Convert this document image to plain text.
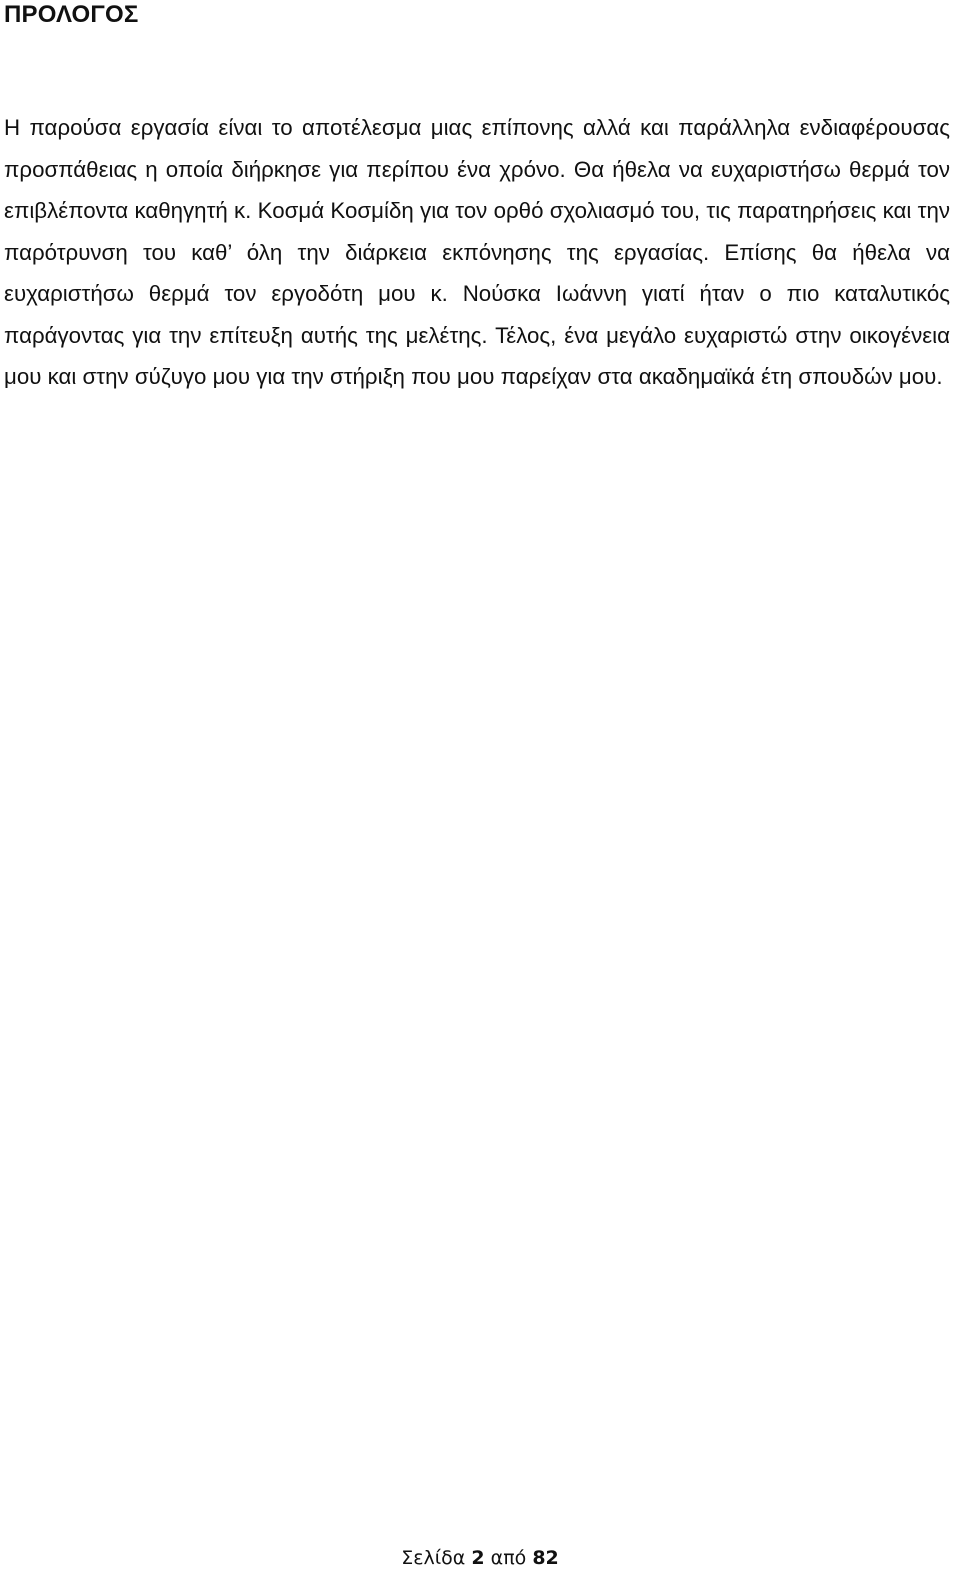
ΠΡΟΛΟΓΟΣ

Η παρούσα εργασία είναι το αποτέλεσμα μιας επίπονης αλλά και παράλληλα ενδιαφέρουσας προσπάθειας η οποία διήρκησε για περίπου ένα χρόνο. Θα ήθελα να ευχαριστήσω θερμά τον επιβλέποντα καθηγητή κ. Κοσμά Κοσμίδη για τον ορθό σχολιασμό του, τις παρατηρήσεις και την παρότρυνση του καθ’ όλη την διάρκεια εκπόνησης της εργασίας. Επίσης θα ήθελα να ευχαριστήσω θερμά τον εργοδότη μου κ. Νούσκα Ιωάννη γιατί ήταν ο πιο καταλυτικός παράγοντας για την επίτευξη αυτής της μελέτης. Τέλος, ένα μεγάλο ευχαριστώ στην οικογένεια μου και στην σύζυγο μου για την στήριξη που μου παρείχαν στα ακαδημαϊκά έτη σπουδών μου.

Σελίδα 2 από 82
